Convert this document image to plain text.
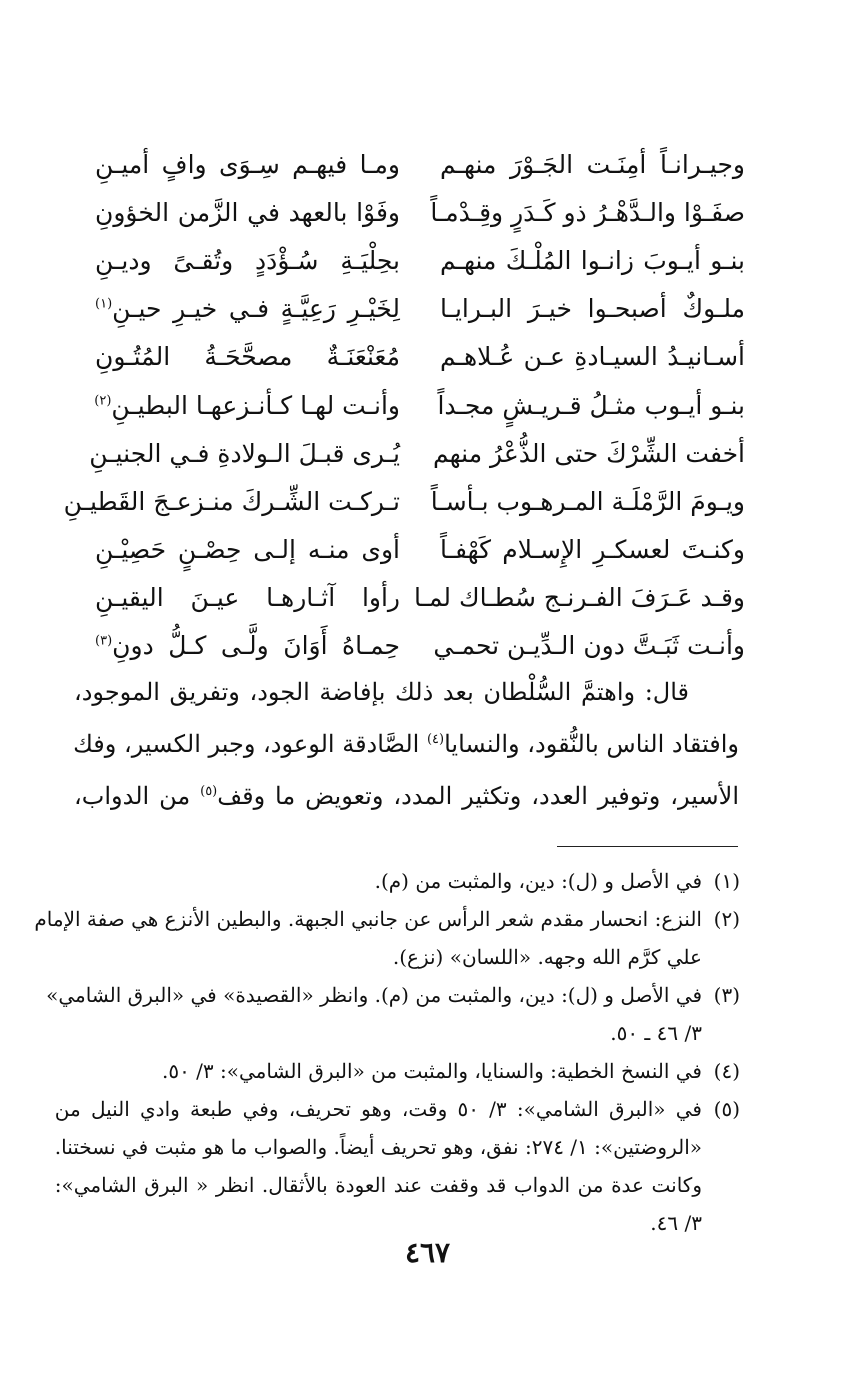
وجيـرانـاً أمِنَـت الجَـوْرَ منهـم
ومـا فيهـم سِـوَى وافٍ أميـنِ
صفَـوْا والـدَّهْـرُ ذو كَـدَرٍ وقِـدْمـاً
وفَوْا بالعهد في الزَّمن الخؤونِ
بنـو أيـوبَ زانـوا المُلْـكَ منهـم
بحِلْيَـةِ سُـؤْدَدٍ وتُقـىً وديـنِ
ملـوكٌ أصبحـوا خيـرَ البـرايـا
لِخَيْـرِ رَعِيَّـةٍ فـي خيـرِ حيـنِ$^{(١)}$
أسـانيـدُ السيـادةِ عـن عُـلاهـم
مُعَنْعَنَـةٌ مصحَّحَـةُ المُتُـونِ
بنـو أيـوب مثـلُ قـريـشٍ مجـداً
وأنـت لهـا كـأنـزعهـا البطيـنِ$^{(٢)}$
أخفت الشِّرْكَ حتى الذُّعْرُ منهم
يُـرى قبـلَ الـولادةِ فـي الجنيـنِ
ويـومَ الرَّمْلَـة المـرهـوب بـأسـاً
تـركـت الشِّـركَ منـزعـجَ القَطيـنِ
وكنـتَ لعسكـرِ الإِسـلام كَهْفـاً
أوى منـه إلـى حِصْـنٍ حَصِيْـنِ
وقـد عَـرَفَ الفـرنـج سُطـاك لمـا
رأوا آثـارهـا عيـنَ اليقيـنِ
وأنـت ثَبَـتَّ دون الـدِّيـن تحمـي
حِمـاهُ أَوَانَ ولَّـى كـلُّ دونِ$^{(٣)}$
قال: واهتمَّ السُّلْطان بعد ذلك بإفاضة الجود، وتفريق الموجود،
وافتقاد الناس بالنُّقود، والنسايا$^{(٤)}$ الصَّادقة الوعود، وجبر الكسير، وفك
الأسير، وتوفير العدد، وتكثير المدد، وتعويض ما وقف$^{(٥)}$ من الدواب،
(١)
في الأصل و (ل): دين، والمثبت من (م).
(٢)
النزع: انحسار مقدم شعر الرأس عن جانبي الجبهة. والبطين الأنزع هي صفة الإمام
علي كرَّم الله وجهه. «اللسان» (نزع).
(٣)
في الأصل و (ل): دين، والمثبت من (م). وانظر «القصيدة» في «البرق الشامي»
٣/ ٤٦ ـ ٥٠.
(٤)
في النسخ الخطية: والسنايا، والمثبت من «البرق الشامي»: ٣/ ٥٠.
(٥)
في «البرق الشامي»: ٣/ ٥٠ وقت، وهو تحريف، وفي طبعة وادي النيل من
«الروضتين»: ١/ ٢٧٤: نفق، وهو تحريف أيضاً. والصواب ما هو مثبت في نسختنا.
وكانت عدة من الدواب قد وقفت عند العودة بالأثقال. انظر « البرق الشامي»:
٣/ ٤٦.
٤٦٧
